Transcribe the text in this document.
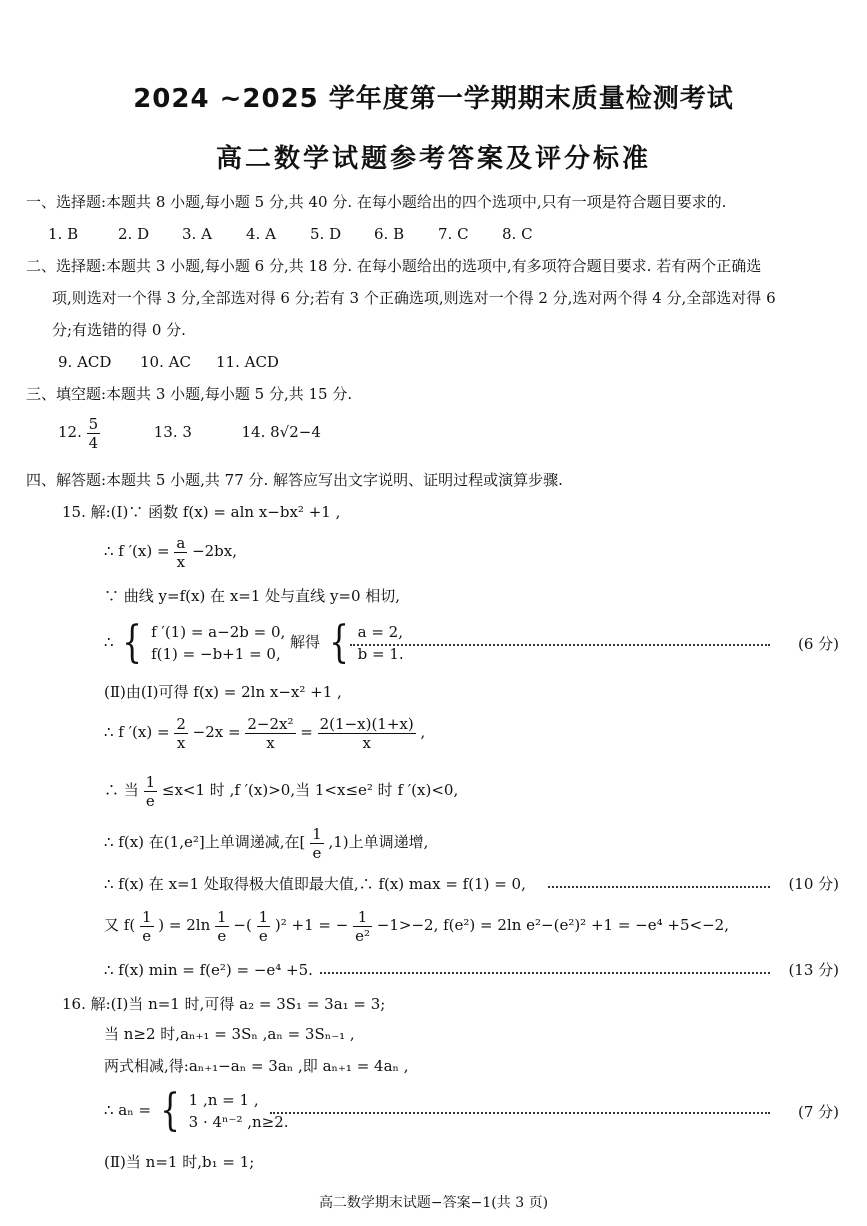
2024 ~2025 学年度第一学期期末质量检测考试
高二数学试题参考答案及评分标准
一、选择题:本题共 8 小题,每小题 5 分,共 40 分. 在每小题给出的四个选项中,只有一项是符合题目要求的.
1. B	2. D 3. A 4. A 5. D 6. B 7. C 8. C
二、选择题:本题共 3 小题,每小题 6 分,共 18 分. 在每小题给出的选项中,有多项符合题目要求. 若有两个正确选
项,则选对一个得 3 分,全部选对得 6 分;若有 3 个正确选项,则选对一个得 2 分,选对两个得 4 分,全部选对得 6
分;有选错的得 0 分.
9. ACD 10. AC 11. ACD
三、填空题:本题共 3 小题,每小题 5 分,共 15 分.
12. $\frac{5}{4}$	13. 3	14. 8√2−4
四、解答题:本题共 5 小题,共 77 分. 解答应写出文字说明、证明过程或演算步骤.
15. 解:(Ⅰ)∵ 函数 f(x) = aln x−bx² +1 ,
∴ f $'(x) = \frac{a}{x} -2bx$,
∵ 曲线 y=f(x) 在 x=1 处与直线 y=0 相切,
∴ { f ′(1) = a−2b = 0,
f(1) = −b+1 = 0,
解得 { a = 2,
b = 1.
(6 分)
(Ⅱ)由(Ⅰ)可得 f(x) = 2ln x−x² +1 ,
∴ f $'(x) = \frac{2}{x} -2x = \frac{\text{2−2x²}}{x} = \frac{2(1-x)(1+x)}{x}$ ,
∴ 当 $\frac{1}{e} \le x<1$ 时 ,f ′(x)>0,当 1<x≤e² 时 f ′(x)<0,
∴ f(x) 在(1,e²]上单调递减,在[ $\frac{1}{e} ,1$)上单调递增,
∴ f(x) 在 x=1 处取得极大值即最大值,∴ f(x) max = f(1) = 0,	(10 分)
又 $f( \frac{1}{e}$ ) = $2\ln \frac{1}{e}$ −( $\frac{1}{e} )^2 +1$ = − $\frac{1}{\text{e²}} -1>-2$, f(e²) = 2ln e²−(e²)² +1 = −e⁴ +5<−2,
∴ f(x) min = f(e²) = −e⁴ +5.	(13 分)
16. 解:(Ⅰ)当 n=1 时,可得 a₂ = 3S₁ = 3a₁ = 3;
当 n≥2 时,aₙ₊₁ = 3Sₙ ,aₙ = 3Sₙ₋₁ ,
两式相减,得:aₙ₊₁−aₙ = 3aₙ ,即 aₙ₊₁ = 4aₙ ,
∴ aₙ = { 1 ,n = 1 ,
3 · 4ⁿ⁻² ,n≥2.
(7 分)
(Ⅱ)当 n=1 时,b₁ = 1;
高二数学期末试题−答案−1(共 3 页)
